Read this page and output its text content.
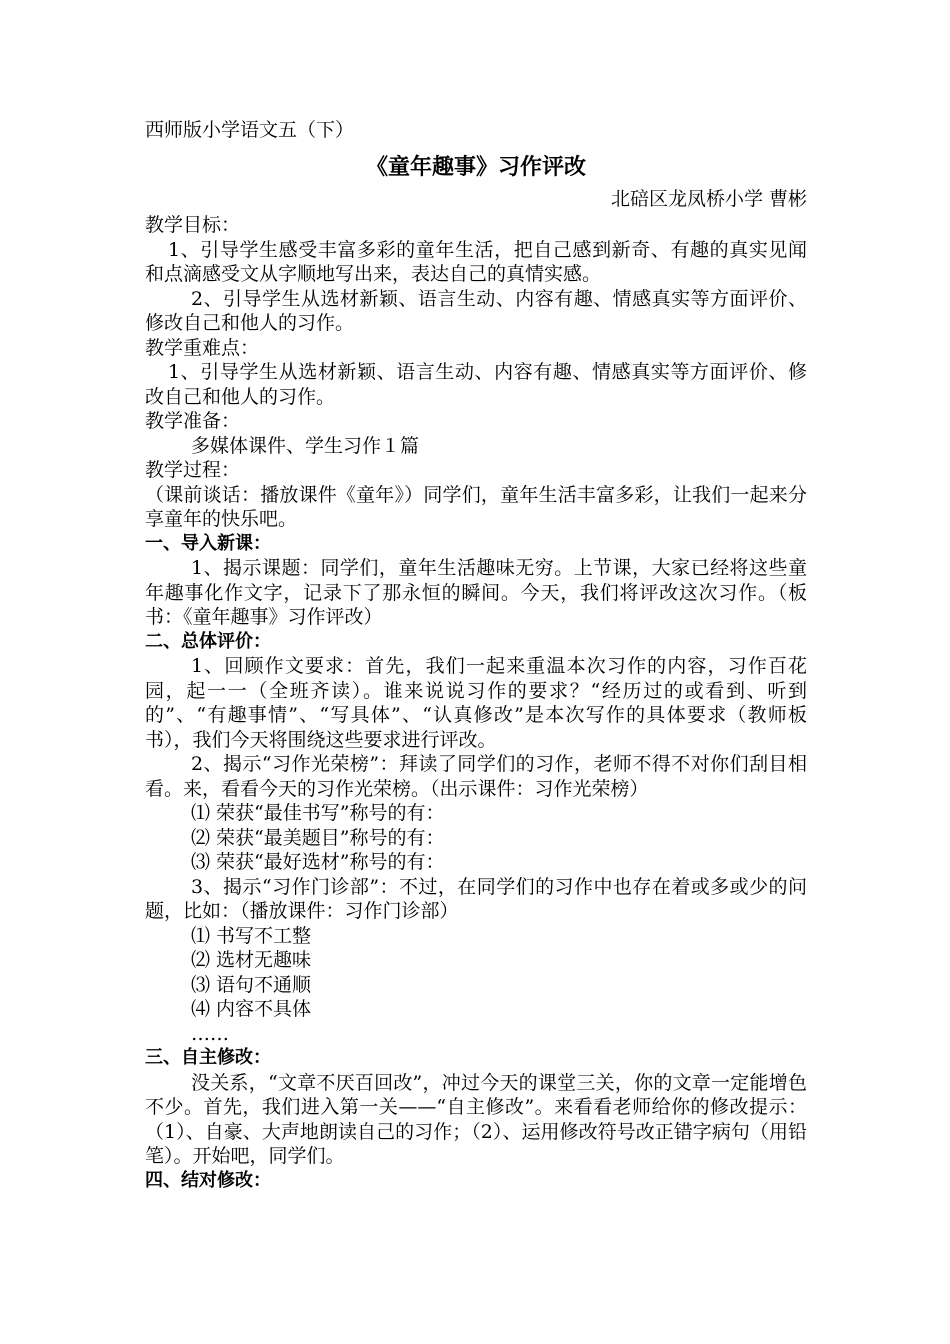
西师版小学语文五（下）
《童年趣事》习作评改
北碚区龙凤桥小学 曹彬
教学目标：

1、引导学生感受丰富多彩的童年生活，把自己感到新奇、有趣的真实见闻和点滴感受文从字顺地写出来，表达自己的真情实感。

2、引导学生从选材新颖、语言生动、内容有趣、情感真实等方面评价、修改自己和他人的习作。

教学重难点：

1、引导学生从选材新颖、语言生动、内容有趣、情感真实等方面评价、修改自己和他人的习作。

教学准备：
多媒体课件、学生习作１篇
教学过程：

（课前谈话：播放课件《童年》）同学们，童年生活丰富多彩，让我们一起来分享童年的快乐吧。

一、导入新课：

1、揭示课题：同学们，童年生活趣味无穷。上节课，大家已经将这些童年趣事化作文字，记录下了那永恒的瞬间。今天，我们将评改这次习作。（板书：《童年趣事》习作评改）

二、总体评价：

1、回顾作文要求：首先，我们一起来重温本次习作的内容，习作百花园，起一一（全班齐读）。谁来说说习作的要求？“经历过的或看到、听到的”、“有趣事情”、“写具体”、“认真修改”是本次写作的具体要求（教师板书），我们今天将围绕这些要求进行评改。

2、揭示“习作光荣榜”：拜读了同学们的习作，老师不得不对你们刮目相看。来，看看今天的习作光荣榜。（出示课件：习作光荣榜）

⑴ 荣获“最佳书写”称号的有：
⑵ 荣获“最美题目”称号的有：
⑶ 荣获“最好选材”称号的有：

3、揭示“习作门诊部”：不过，在同学们的习作中也存在着或多或少的问题，比如：（播放课件：习作门诊部）

⑴ 书写不工整
⑵ 选材无趣味
⑶ 语句不通顺
⑷ 内容不具体
……
三、自主修改：

没关系，“文章不厌百回改”，冲过今天的课堂三关，你的文章一定能增色不少。首先，我们进入第一关——“自主修改”。来看看老师给你的修改提示：（1）、自豪、大声地朗读自己的习作；（2）、运用修改符号改正错字病句（用铅笔）。开始吧，同学们。

四、结对修改：
